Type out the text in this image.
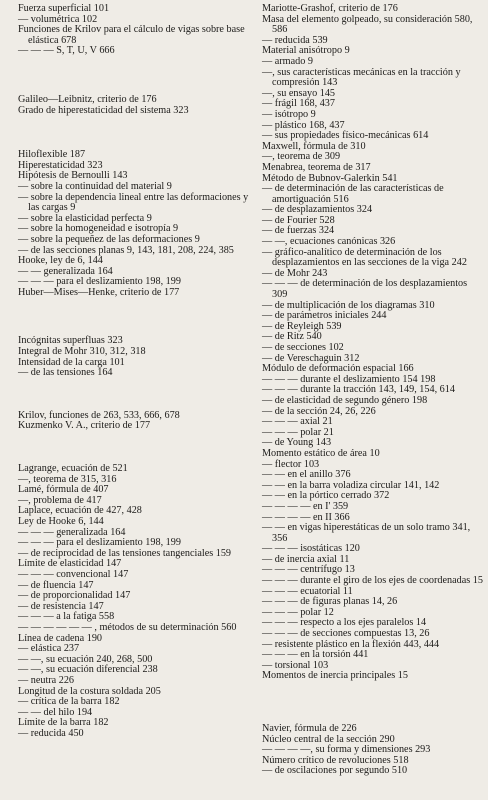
Fuerza superficial 101
— volumétrica 102
Funciones de Krilov para el cálculo de vigas sobre base elástica 678
— — — S, T, U, V 666
Galileo—Leibnitz, criterio de 176
Grado de hiperestaticidad del sistema 323
Hiloflexible 187
Hiperestaticidad 323
Hipótesis de Bernoulli 143
— sobre la continuidad del material 9
— sobre la dependencia lineal entre las deformaciones y las cargas 9
— sobre la elasticidad perfecta 9
— sobre la homogeneidad e isotropía 9
— sobre la pequeñez de las deformaciones 9
— de las secciones planas 9, 143, 181, 208, 224, 385
Hooke, ley de 6, 144
— — generalizada 164
— — — para el deslizamiento 198, 199
Huber—Mises—Henke, criterio de 177
Incógnitas superfluas 323
Integral de Mohr 310, 312, 318
Intensidad de la carga 101
— de las tensiones 164
Krilov, funciones de 263, 533, 666, 678
Kuzmenko V. A., criterio de 177
Lagrange, ecuación de 521
—, teorema de 315, 316
Lamé, fórmula de 407
—, problema de 417
Laplace, ecuación de 427, 428
Ley de Hooke 6, 144
— — — generalizada 164
— — — para el deslizamiento 198, 199
— de reciprocidad de las tensiones tangenciales 159
Límite de elasticidad 147
— — — convencional 147
— de fluencia 147
— de proporcionalidad 147
— de resistencia 147
— — — a la fatiga 558
— — — — — — , métodos de su determinación 560
Línea de cadena 190
— elástica 237
— —, su ecuación 240, 268, 500
— —, su ecuación diferencial 238
— neutra 226
Longitud de la costura soldada 205
— crítica de la barra 182
— — del hilo 194
Límite de la barra 182
— reducida 450
Mariotte-Grashof, criterio de 176
Masa del elemento golpeado, su consideración 580, 586
— reducida 539
Material anisótropo 9
— armado 9
—, sus características mecánicas en la tracción y compresión 143
—, su ensayo 145
— frágil 168, 437
— isótropo 9
— plástico 168, 437
— sus propiedades físico-mecánicas 614
Maxwell, fórmula de 310
—, teorema de 309
Menabrea, teorema de 317
Método de Bubnov-Galerkin 541
— de determinación de las características de amortiguación 516
— de desplazamientos 324
— de Fourier 528
— de fuerzas 324
— —, ecuaciones canónicas 326
— gráfico-analítico de determinación de los desplazamientos en las secciones de la viga 242
— de Mohr 243
— — — de determinación de los desplazamientos 309
— de multiplicación de los diagramas 310
— de parámetros iniciales 244
— de Reyleigh 539
— de Ritz 540
— de secciones 102
— de Vereschaguin 312
Módulo de deformación espacial 166
— — — durante el deslizamiento 154 198
— — — durante la tracción 143, 149, 154, 614
— de elasticidad de segundo género 198
— de la sección 24, 26, 226
— — — axial 21
— — — polar 21
— de Young 143
Momento estático de área 10
— flector 103
— — en el anillo 376
— — en la barra voladiza circular 141, 142
— — en la pórtico cerrado 372
— — — — en I' 359
— — — — en II 366
— — en vigas hiperestáticas de un solo tramo 341, 356
— — — isostáticas 120
— de inercia axial 11
— — — centrífugo 13
— — — durante el giro de los ejes de coordenadas 15
— — — ecuatorial 11
— — — de figuras planas 14, 26
— — — polar 12
— — — respecto a los ejes paralelos 14
— — — de secciones compuestas 13, 26
— resistente plástico en la flexión 443, 444
— — — en la torsión 441
— torsional 103
Momentos de inercia principales 15
Navier, fórmula de 226
Núcleo central de la sección 290
— — — —, su forma y dimensiones 293
Número crítico de revoluciones 518
— de oscilaciones por segundo 510
